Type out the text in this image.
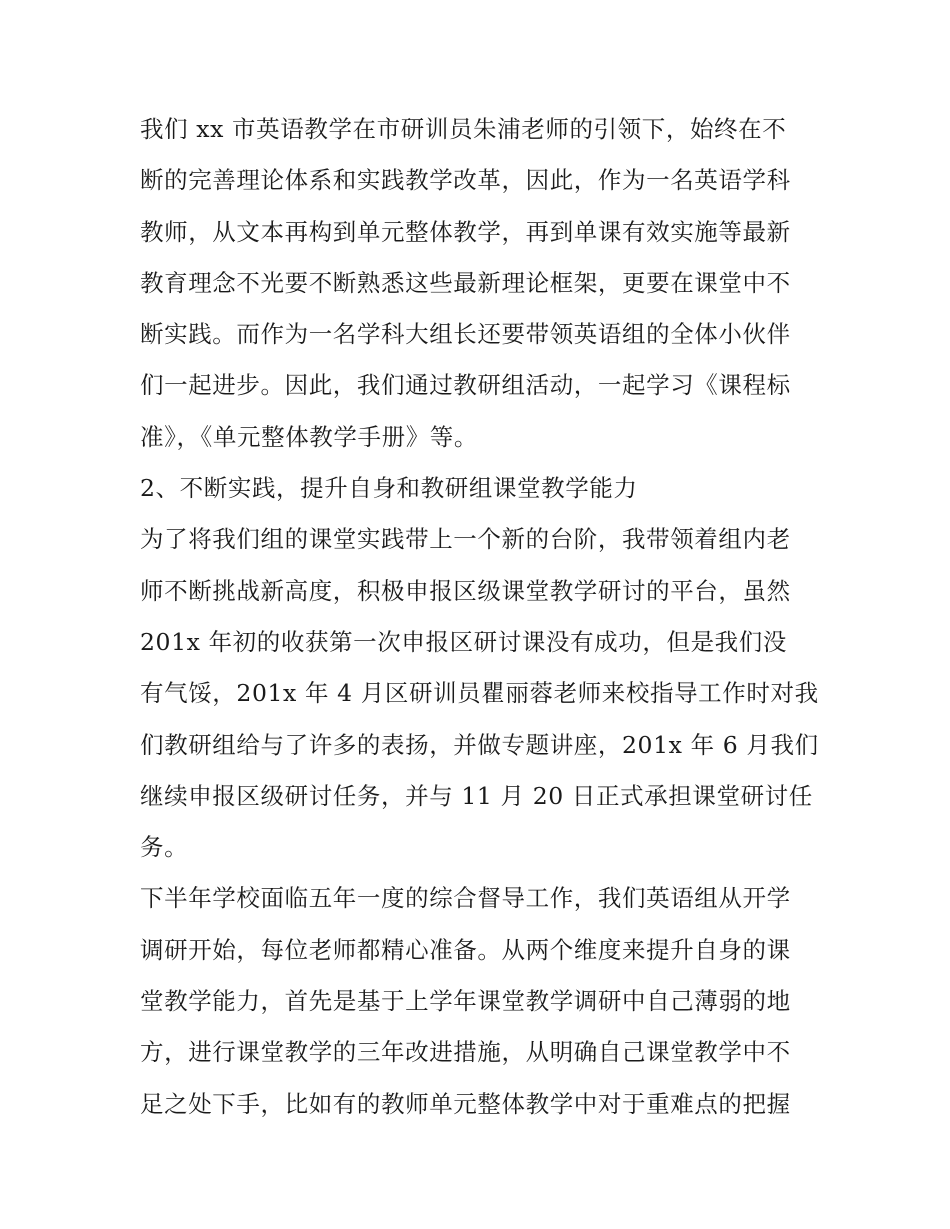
我们 xx 市英语教学在市研训员朱浦老师的引领下，始终在不
断的完善理论体系和实践教学改革，因此，作为一名英语学科
教师，从文本再构到单元整体教学，再到单课有效实施等最新
教育理念不光要不断熟悉这些最新理论框架，更要在课堂中不
断实践。而作为一名学科大组长还要带领英语组的全体小伙伴
们一起进步。因此，我们通过教研组活动，一起学习《课程标
准》，《单元整体教学手册》等。
2、不断实践，提升自身和教研组课堂教学能力
为了将我们组的课堂实践带上一个新的台阶，我带领着组内老
师不断挑战新高度，积极申报区级课堂教学研讨的平台，虽然
201x 年初的收获第一次申报区研讨课没有成功，但是我们没
有气馁，201x 年 4 月区研训员瞿丽蓉老师来校指导工作时对我
们教研组给与了许多的表扬，并做专题讲座，201x 年 6 月我们
继续申报区级研讨任务，并与 11 月 20 日正式承担课堂研讨任
务。
下半年学校面临五年一度的综合督导工作，我们英语组从开学
调研开始，每位老师都精心准备。从两个维度来提升自身的课
堂教学能力，首先是基于上学年课堂教学调研中自己薄弱的地
方，进行课堂教学的三年改进措施，从明确自己课堂教学中不
足之处下手，比如有的教师单元整体教学中对于重难点的把握
